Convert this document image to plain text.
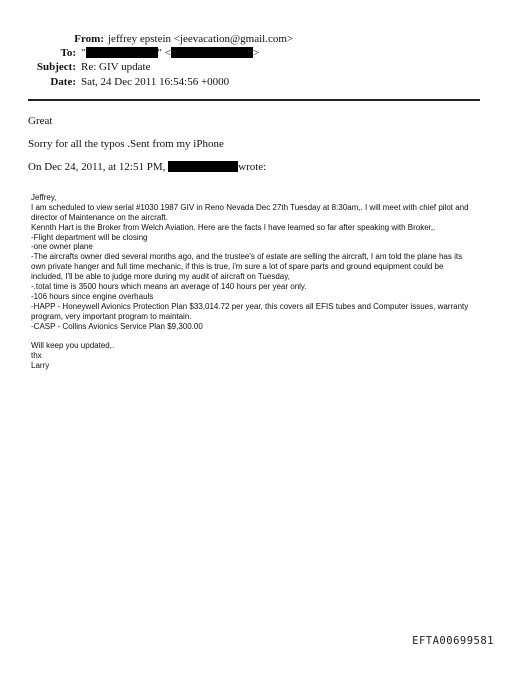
From: jeffrey epstein <jeevacation@gmail.com>
To: "	" <	>
Subject: Re: GIV update
Date: Sat, 24 Dec 2011 16:54:56 +0000
Great
Sorry for all the typos .Sent from my iPhone
On Dec 24, 2011, at 12:51 PM,	wrote:
Jeffrey,
I am scheduled to view serial #1030 1987 GIV in Reno Nevada Dec 27th Tuesday at 8:30am,. I will meet with chief pilot and
director of Maintenance on the aircraft.
Kennth Hart is the Broker from Welch Aviation. Here are the facts I have learned so far after speaking with Broker,.
-Flight department will be closing
-one owner plane
-The aircrafts owner died several months ago, and the trustee's of estate are selling the aircraft, I am told the plane has its
own private hanger and full time mechanic, if this is true, i'm sure a lot of spare parts and ground equipment could be
included, I'll be able to judge more during my audit of aircraft on Tuesday,
-.total time is 3500 hours which means an average of 140 hours per year only.
-106 hours since engine overhauls
-HAPP - Honeywell Avionics Protection Plan $33,014.72 per year, this covers all EFIS tubes and Computer issues, warranty
program, very important program to maintain.
-CASP - Collins Avionics Service Plan $9,300.00
Will keep you updated,.
thx
Larry
EFTA00699581
